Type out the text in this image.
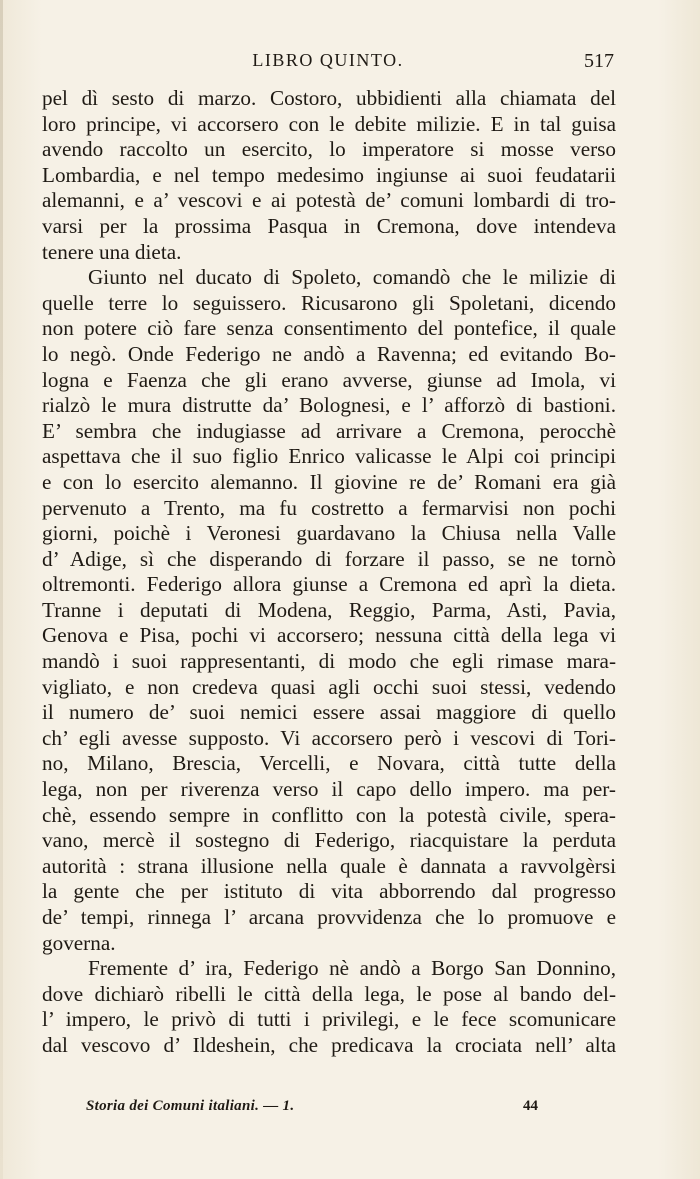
LIBRO QUINTO.	517
pel dì sesto di marzo. Costoro, ubbidienti alla chiamata del
loro principe, vi accorsero con le debite milizie. E in tal guisa
avendo raccolto un esercito, lo imperatore si mosse verso
Lombardia, e nel tempo medesimo ingiunse ai suoi feudatarii
alemanni, e a’ vescovi e ai potestà de’ comuni lombardi di tro-
varsi per la prossima Pasqua in Cremona, dove intendeva
tenere una dieta.
Giunto nel ducato di Spoleto, comandò che le milizie di
quelle terre lo seguissero. Ricusarono gli Spoletani, dicendo
non potere ciò fare senza consentimento del pontefice, il quale
lo negò. Onde Federigo ne andò a Ravenna; ed evitando Bo-
logna e Faenza che gli erano avverse, giunse ad Imola, vi
rialzò le mura distrutte da’ Bolognesi, e l’ afforzò di bastioni.
E’ sembra che indugiasse ad arrivare a Cremona, perocchè
aspettava che il suo figlio Enrico valicasse le Alpi coi principi
e con lo esercito alemanno. Il giovine re de’ Romani era già
pervenuto a Trento, ma fu costretto a fermarvisi non pochi
giorni, poichè i Veronesi guardavano la Chiusa nella Valle
d’ Adige, sì che disperando di forzare il passo, se ne tornò
oltremonti. Federigo allora giunse a Cremona ed aprì la dieta.
Tranne i deputati di Modena, Reggio, Parma, Asti, Pavia,
Genova e Pisa, pochi vi accorsero; nessuna città della lega vi
mandò i suoi rappresentanti, di modo che egli rimase mara-
vigliato, e non credeva quasi agli occhi suoi stessi, vedendo
il numero de’ suoi nemici essere assai maggiore di quello
ch’ egli avesse supposto. Vi accorsero però i vescovi di Tori-
no, Milano, Brescia, Vercelli, e Novara, città tutte della
lega, non per riverenza verso il capo dello impero. ma per-
chè, essendo sempre in conflitto con la potestà civile, spera-
vano, mercè il sostegno di Federigo, riacquistare la perduta
autorità : strana illusione nella quale è dannata a ravvolgèrsi
la gente che per istituto di vita abborrendo dal progresso
de’ tempi, rinnega l’ arcana provvidenza che lo promuove e
governa.
Fremente d’ ira, Federigo nè andò a Borgo San Donnino,
dove dichiarò ribelli le città della lega, le pose al bando del-
l’ impero, le privò di tutti i privilegi, e le fece scomunicare
dal vescovo d’ Ildeshein, che predicava la crociata nell’ alta
Storia dei Comuni italiani. — 1.	44
